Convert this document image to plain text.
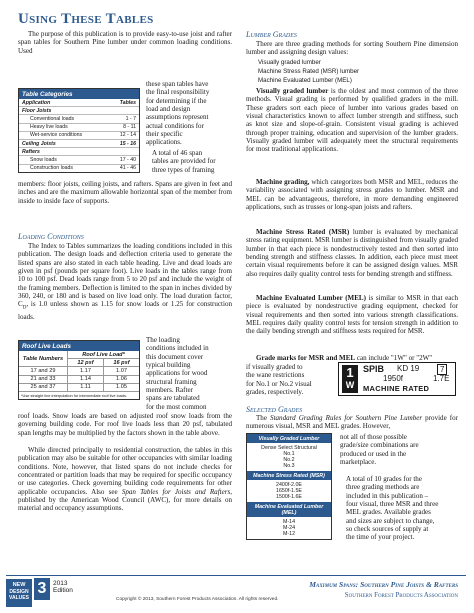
Using These Tables
The purpose of this publication is to provide easy-to-use joist and rafter span tables for Southern Pine lumber under common loading conditions. Used
Table Categories
Application	Tables
Floor Joists
Conventional loads	1 - 7
Heavy live loads	8 - 11
Wet-service conditions	12 - 14
Ceiling Joists	15 - 16
Rafters
Snow loads	17 - 40
Construction loads	41 - 46
these span tables have
the final responsibility
for determining if the
load and design
assumptions represent
actual conditions for
their specific
applications.
A total of 46 span
tables are provided for
three types of framing
members: floor joists, ceiling joists, and rafters. Spans are given in feet and inches and are the maximum allowable horizontal span of the member from inside to inside face of supports.
Loading Conditions
The Index to Tables summarizes the loading conditions included in this publication. The design loads and deflection criteria used to generate the listed spans are also stated in each table heading. Live and dead loads are given in psf (pounds per square foot). Live loads in the tables range from 10 to 100 psf. Dead loads range from 5 to 20 psf and include the weight of the framing members. Deflection is limited to the span in inches divided by 360, 240, or 180 and is based on live load only. The load duration factor, $C_D$, is 1.0 unless shown as 1.15 for snow loads or 1.25 for construction loads.
Roof Live Loads
Table Numbers
Roof Live Load*
12 psf	16 psf
17 and 29	1.17	1.07
21 and 33	1.14	1.06
25 and 37	1.11	1.05
*Use straight line interpolation for intermediate roof live loads.
The loading
conditions included in
this document cover
typical building
applications for wood
structural framing
members. Rafter
spans are tabulated
for the most common
roof loads. Snow loads are based on adjusted roof snow loads from the governing building code. For roof live loads less than 20 psf, tabulated span lengths may be multiplied by the factors shown in the table above.
While directed principally to residential construction, the tables in this publication may also be suitable for other occupancies with similar loading conditions. Note, however, that listed spans do not include checks for concentrated or partition loads that may be required for specific occupancy or use categories. Check governing building code requirements for other applicable occupancies. Also see Span Tables for Joists and Rafters, published by the American Wood Council (AWC), for more details on material and occupancy assumptions.
Lumber Grades
There are three grading methods for sorting Southern Pine dimension lumber and assigning design values:
Visually graded lumber
Machine Stress Rated (MSR) lumber
Machine Evaluated Lumber (MEL)
Visually graded lumber is the oldest and most common of the three methods. Visual grading is performed by qualified graders in the mill. These graders sort each piece of lumber into various grades based on visual characteristics known to affect lumber strength and stiffness, such as knot size and slope-of-grain. Consistent visual grading is achieved through proper training, education and supervision of the lumber graders. Visually graded lumber will adequately meet the structural requirements for most traditional applications.
Machine grading, which categorizes both MSR and MEL, reduces the variability associated with assigning stress grades to lumber. MSR and MEL can be advantageous, therefore, in more demanding engineered applications, such as trusses or long-span joists and rafters.
Machine Stress Rated (MSR) lumber is evaluated by mechanical stress rating equipment. MSR lumber is distinguished from visually graded lumber in that each piece is nondestructively tested and then sorted into bending strength and stiffness classes. In addition, each piece must meet certain visual requirements before it can be assigned design values. MSR also requires daily quality control tests for bending strength and stiffness.
Machine Evaluated Lumber (MEL) is similar to MSR in that each piece is evaluated by nondestructive grading equipment, checked for visual requirements and then sorted into various strength classifications. MEL requires daily quality control tests for tension strength in addition to the daily bending strength and stiffness tests required for MSR.
Grade marks for MSR and MEL can include "1W" or "2W"
if visually graded to
the wane restrictions
for No.1 or No.2 visual
grades, respectively.
1
W
SPIB KD 19	7
1950f	1.7E
MACHINE RATED
Selected Grades
The Standard Grading Rules for Southern Pine Lumber provide for numerous visual, MSR and MEL grades. However,
Visually Graded Lumber
Dense Select Structural
No.1
No.2
No.3
Machine Stress Rated (MSR)
2400f-2.0E
1650f-1.5E
1500f-1.6E
Machine Evaluated Lumber (MEL)
M-14
M-24
M-12
not all of those possible
grade/size combinations are
produced or used in the
marketplace.
A total of 10 grades for the
three grading methods are
included in this publication –
four visual, three MSR and three
MEL grades. Available grades
and sizes are subject to change,
so check sources of supply at
the time of your project.
NEW
DESIGN
VALUES
3	2013
Edition
Copyright © 2013, Southern Forest Products Association. All rights reserved.
Maximum Spans: Southern Pine Joists & Rafters
Southern Forest Products Association
